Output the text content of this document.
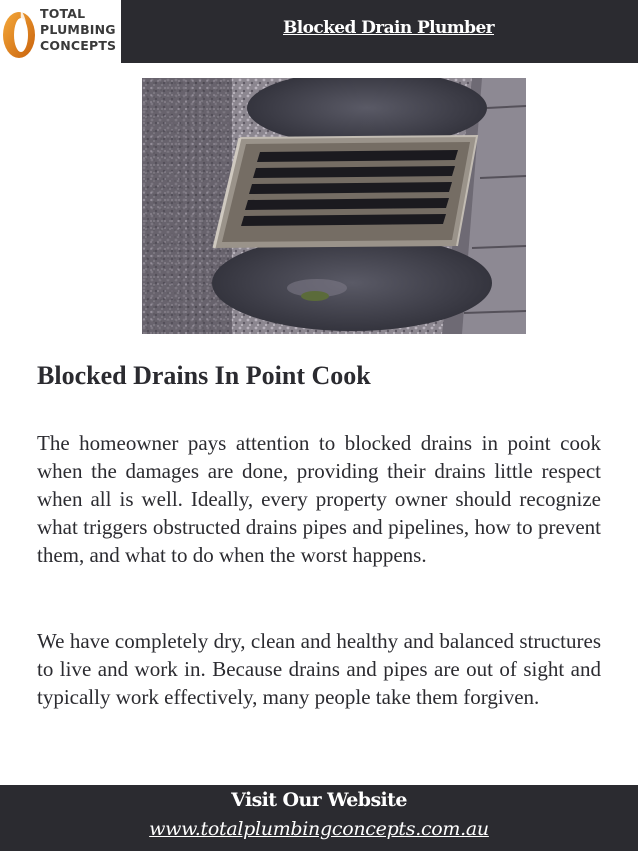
TOTAL
PLUMBING
CONCEPTS
Blocked Drain Plumber
Blocked Drains In Point Cook

The homeowner pays attention to blocked drains in point cook when the damages are done, providing their drains little respect when all is well. Ideally, every property owner should recognize what triggers obstructed drains pipes and pipelines, how to prevent them, and what to do when the worst happens.

We have completely dry, clean and healthy and balanced structures to live and work in. Because drains and pipes are out of sight and typically work effectively, many people take them forgiven.

Visit Our Website
www.totalplumbingconcepts.com.au
